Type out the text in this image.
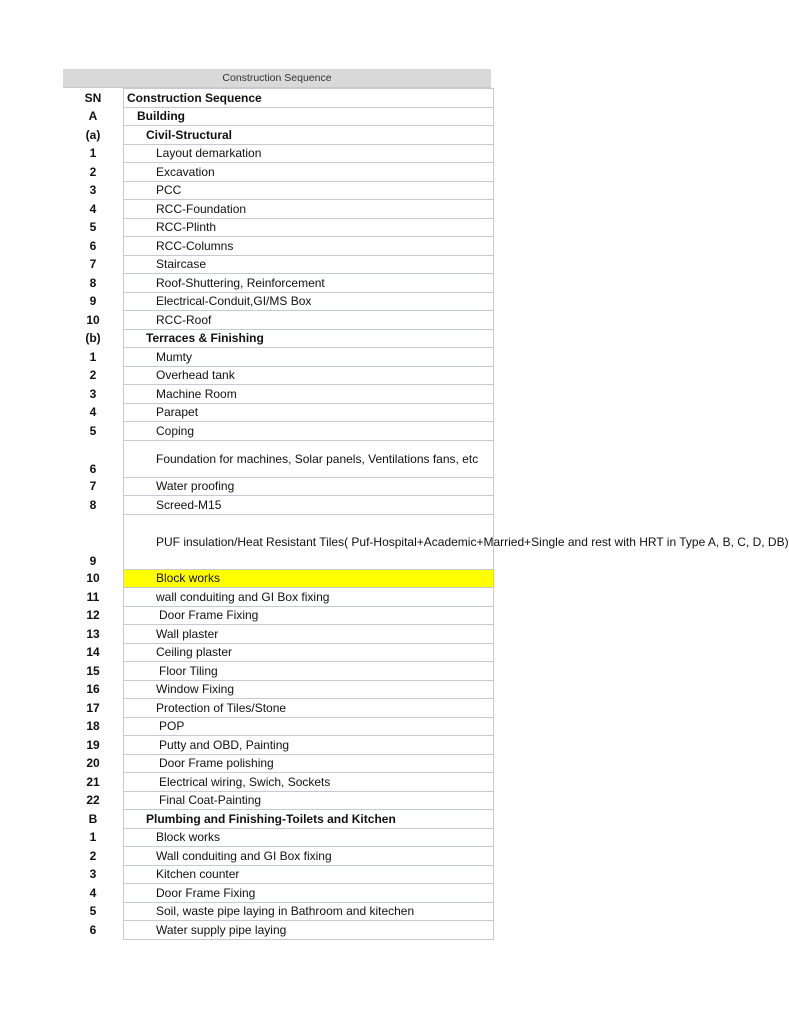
Construction Sequence
SN	Construction Sequence
A	Building
(a)	Civil-Structural
1	Layout demarkation
2	Excavation
3	PCC
4	RCC-Foundation
5	RCC-Plinth
6	RCC-Columns
7	Staircase
8	Roof-Shuttering, Reinforcement
9	Electrical-Conduit,GI/MS Box
10	RCC-Roof
(b)	Terraces & Finishing
1	Mumty
2	Overhead tank
3	Machine Room
4	Parapet
5	Coping
6	Foundation for machines, Solar panels, Ventilations fans, etc
7	Water proofing
8	Screed-M15
9	PUF insulation/Heat Resistant Tiles( Puf-Hospital+Academic+Married+Single and rest with HRT in Type A, B, C, D, DB)
10	Block works
11	wall conduiting and GI Box fixing
12	Door Frame Fixing
13	Wall plaster
14	Ceiling plaster
15	Floor Tiling
16	Window Fixing
17	Protection of Tiles/Stone
18	POP
19	Putty and OBD, Painting
20	Door Frame polishing
21	Electrical wiring, Swich, Sockets
22	Final Coat-Painting
B	Plumbing and Finishing-Toilets and Kitchen
1	Block works
2	Wall conduiting and GI Box fixing
3	Kitchen counter
4	Door Frame Fixing
5	Soil, waste pipe laying in Bathroom and kitechen
6	Water supply pipe laying
